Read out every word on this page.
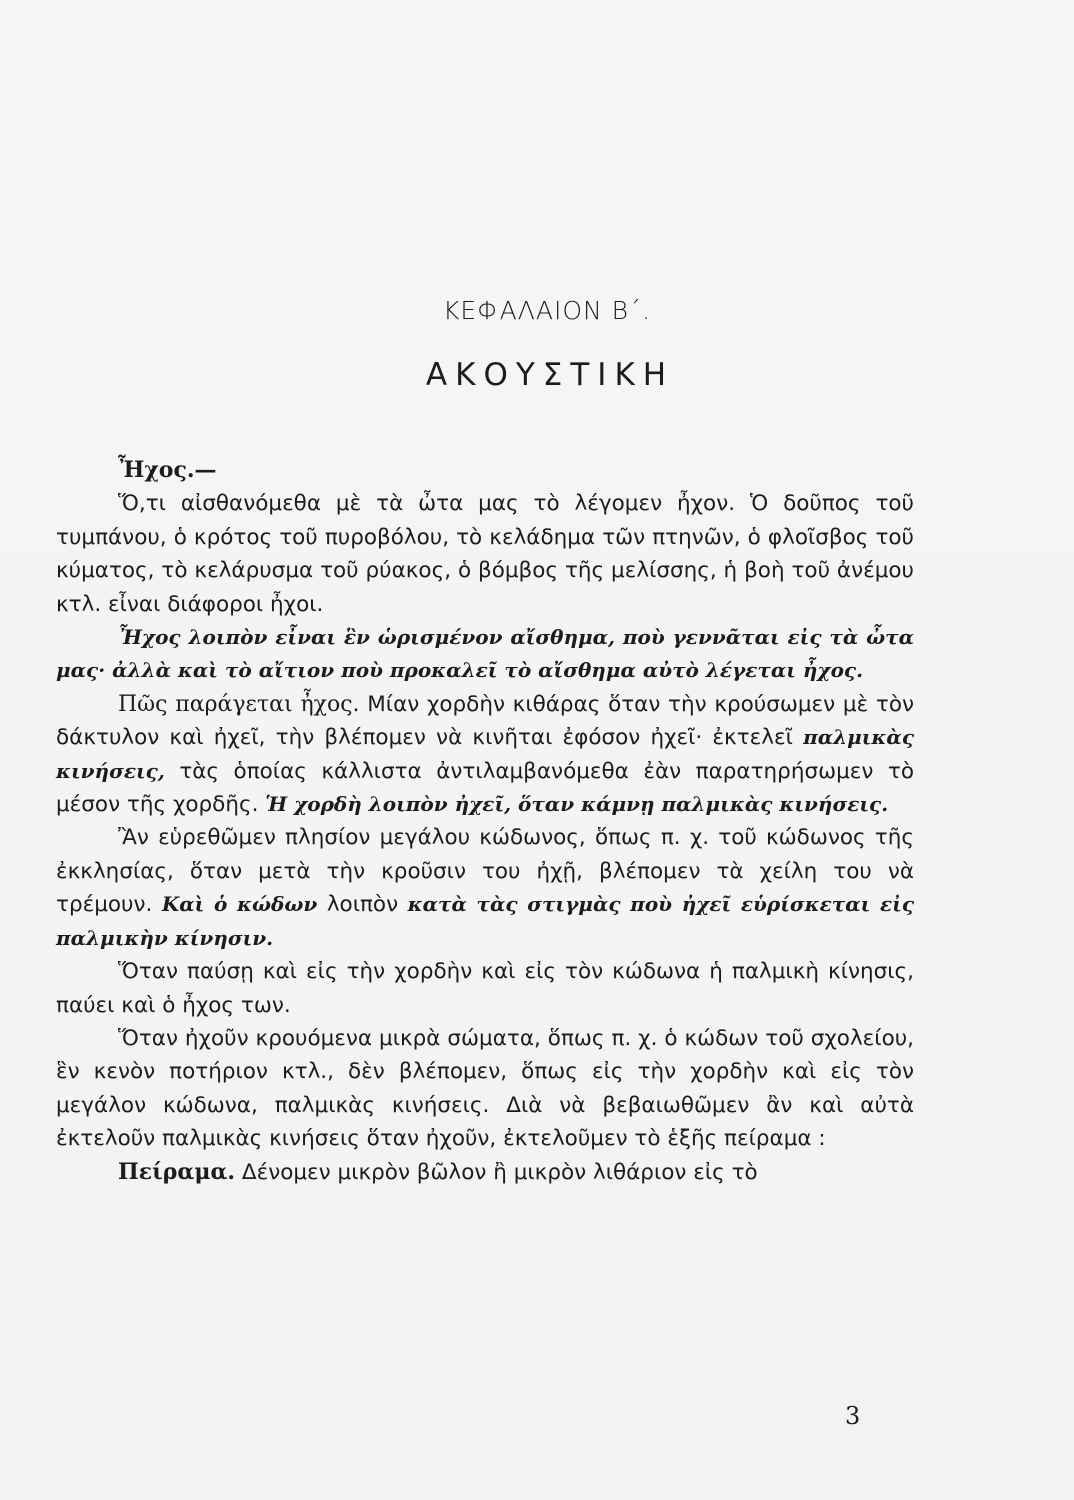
ΚΕΦΑΛΑΙΟΝ Β΄.
ΑΚΟΥΣΤΙΚΗ

Ἦχος.—

Ὅ,τι αἰσθανόμεθα μὲ τὰ ὦτα μας τὸ λέγομεν ἦχον. Ὁ δοῦπος τοῦ τυμπάνου, ὁ κρότος τοῦ πυροβόλου, τὸ κελάδημα τῶν πτηνῶν, ὁ φλοῖσβος τοῦ κύματος, τὸ κελάρυσμα τοῦ ρύακος, ὁ βόμβος τῆς μελίσσης, ἡ βοὴ τοῦ ἀνέμου κτλ. εἶναι διάφοροι ἦχοι.

Ἦχος λοιπὸν εἶναι ἓν ὡρισμένον αἴσθημα, ποὺ γεννᾶται εἰς τὰ ὦτα μας· ἀλλὰ καὶ τὸ αἴτιον ποὺ προκαλεῖ τὸ αἴσθημα αὐτὸ λέγεται ἦχος.

Πῶς παράγεται ἦχος. Μίαν χορδὴν κιθάρας ὅταν τὴν κρούσωμεν μὲ τὸν δάκτυλον καὶ ἠχεῖ, τὴν βλέπομεν νὰ κινῆται ἐφόσον ἠχεῖ· ἐκτελεῖ παλμικὰς κινήσεις, τὰς ὁποίας κάλλιστα ἀντιλαμβανόμεθα ἐὰν παρατηρήσωμεν τὸ μέσον τῆς χορδῆς. Ἡ χορδὴ λοιπὸν ἠχεῖ, ὅταν κάμνῃ παλμικὰς κινήσεις.

Ἂν εὑρεθῶμεν πλησίον μεγάλου κώδωνος, ὅπως π. χ. τοῦ κώδωνος τῆς ἐκκλησίας, ὅταν μετὰ τὴν κροῦσιν του ἠχῇ, βλέπομεν τὰ χείλη του νὰ τρέμουν. Καὶ ὁ κώδων λοιπὸν κατὰ τὰς στιγμὰς ποὺ ἠχεῖ εὑρίσκεται εἰς παλμικὴν κίνησιν.

Ὅταν παύσῃ καὶ εἰς τὴν χορδὴν καὶ εἰς τὸν κώδωνα ἡ παλμικὴ κίνησις, παύει καὶ ὁ ἦχος των.

Ὅταν ἠχοῦν κρουόμενα μικρὰ σώματα, ὅπως π. χ. ὁ κώδων τοῦ σχολείου, ἓν κενὸν ποτήριον κτλ., δὲν βλέπομεν, ὅπως εἰς τὴν χορδὴν καὶ εἰς τὸν μεγάλον κώδωνα, παλμικὰς κινήσεις. Διὰ νὰ βεβαιωθῶμεν ἂν καὶ αὐτὰ ἐκτελοῦν παλμικὰς κινήσεις ὅταν ἠχοῦν, ἐκτελοῦμεν τὸ ἑξῆς πείραμα :

Πείραμα. Δένομεν μικρὸν βῶλον ἢ μικρὸν λιθάριον εἰς τὸ

3
